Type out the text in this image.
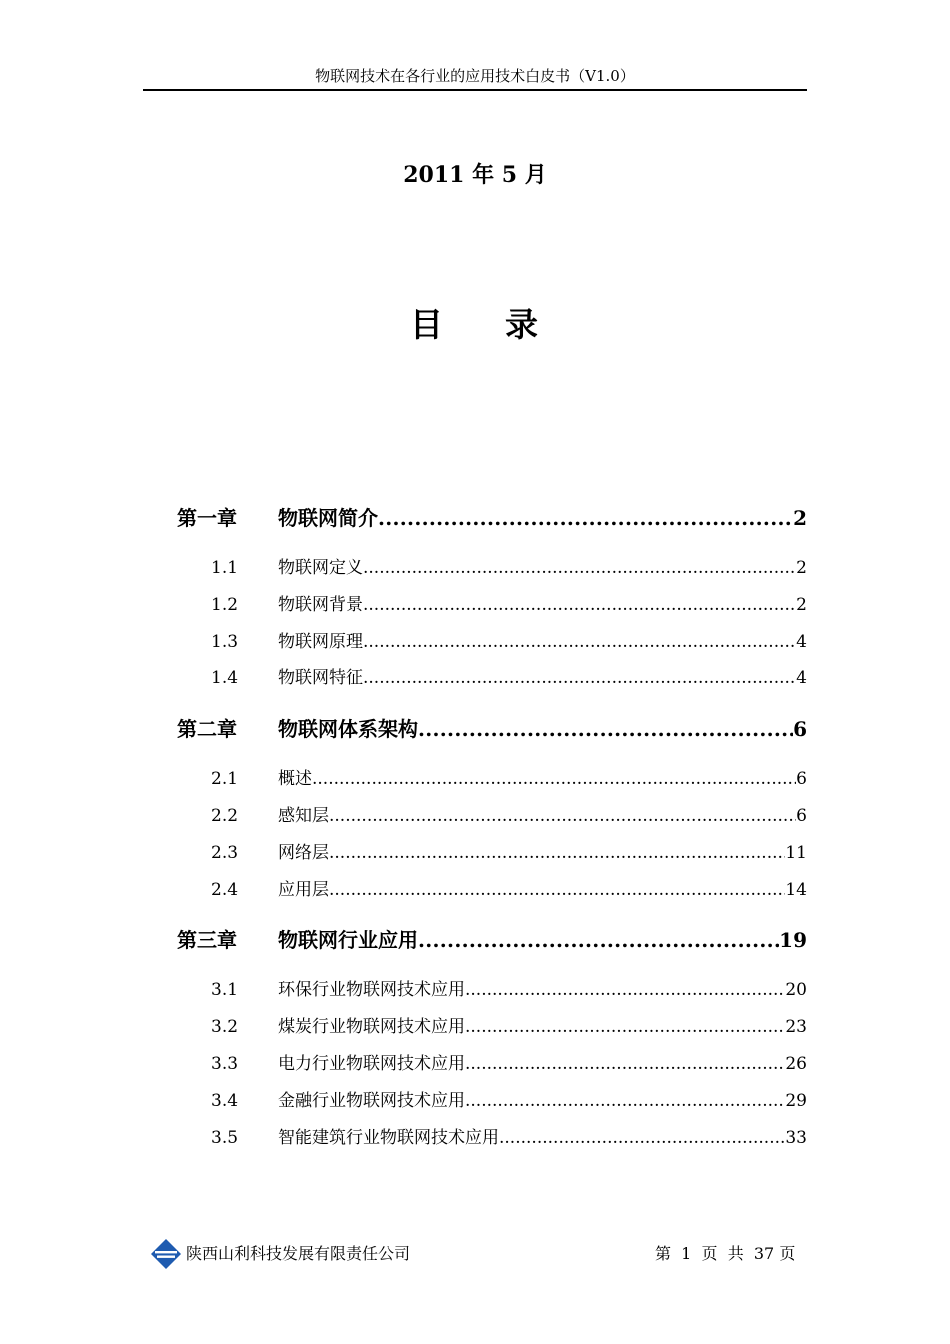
物联网技术在各行业的应用技术白皮书（V1.0）
2011 年 5 月
目 录
第一章	物联网简介 .....	2
1.1	物联网定义 .....	2
1.2	物联网背景 .....	2
1.3	物联网原理 .....	4
1.4	物联网特征 .....	4
第二章	物联网体系架构 .....	6
2.1	概述 .....	6
2.2	感知层 .....	6
2.3	网络层 .....	11
2.4	应用层 .....	14
第三章	物联网行业应用 .....	19
3.1	环保行业物联网技术应用 .....	20
3.2	煤炭行业物联网技术应用 .....	23
3.3	电力行业物联网技术应用 .....	26
3.4	金融行业物联网技术应用 .....	29
3.5	智能建筑行业物联网技术应用 .....	33
陕西山利科技发展有限责任公司	第  1  页  共  37 页
